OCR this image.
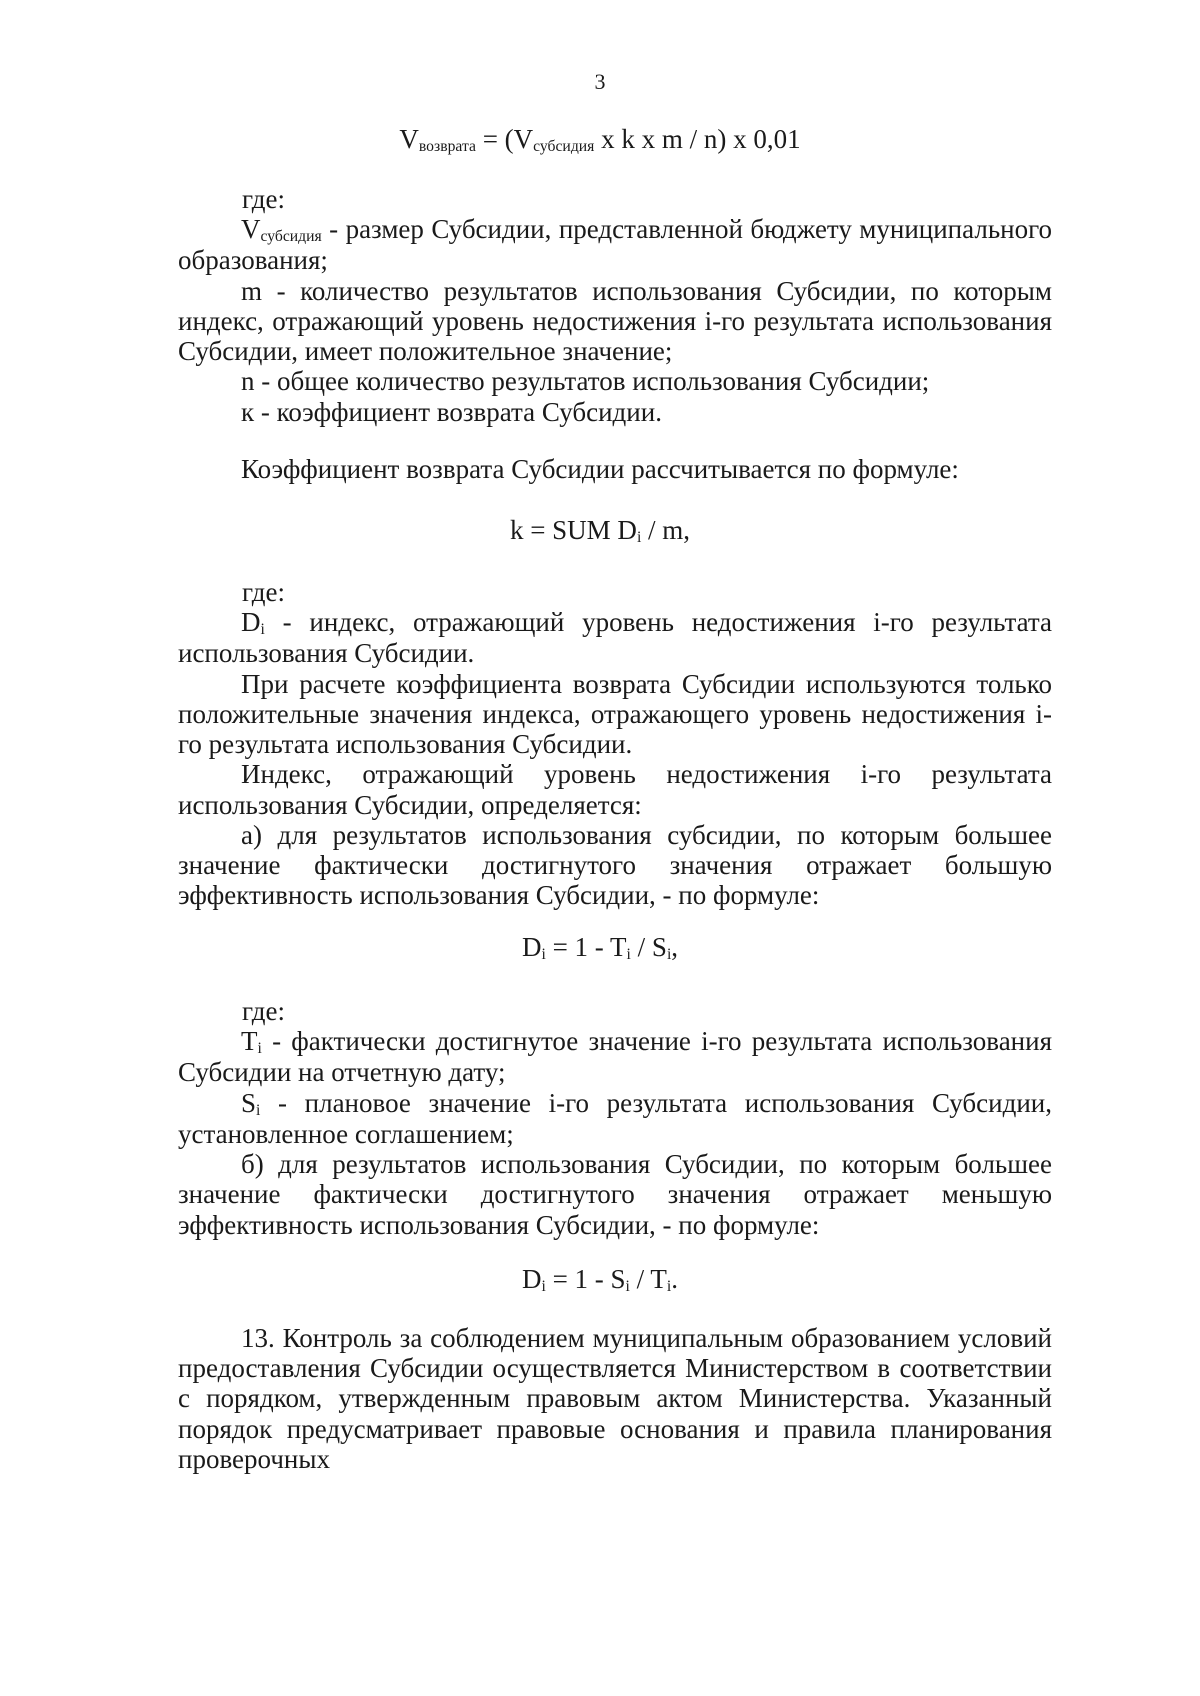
3
Vвозврата = (Vсубсидия x k x m / n) x 0,01

где:

Vсубсидия - размер Субсидии, представленной бюджету муниципального образования;

m - количество результатов использования Субсидии, по которым индекс, отражающий уровень недостижения i-го результата использования Субсидии, имеет положительное значение;

n - общее количество результатов использования Субсидии;

к - коэффициент возврата Субсидии.

Коэффициент возврата Субсидии рассчитывается по формуле:

k = SUM Di / m,

где:

Di - индекс, отражающий уровень недостижения i-го результата использования Субсидии.

При расчете коэффициента возврата Субсидии используются только положительные значения индекса, отражающего уровень недостижения i-го результата использования Субсидии.

Индекс, отражающий уровень недостижения i-го результата использования Субсидии, определяется:

а) для результатов использования субсидии, по которым большее значение фактически достигнутого значения отражает большую эффективность использования Субсидии, - по формуле:

Di = 1 - Ti / Si,

где:

Ti - фактически достигнутое значение i-го результата использования Субсидии на отчетную дату;

Si - плановое значение i-го результата использования Субсидии, установленное соглашением;

б) для результатов использования Субсидии, по которым большее значение фактически достигнутого значения отражает меньшую эффективность использования Субсидии, - по формуле:

Di = 1 - Si / Ti.

13. Контроль за соблюдением муниципальным образованием условий предоставления Субсидии осуществляется Министерством в соответствии с порядком, утвержденным правовым актом Министерства. Указанный порядок предусматривает правовые основания и правила планирования проверочных
